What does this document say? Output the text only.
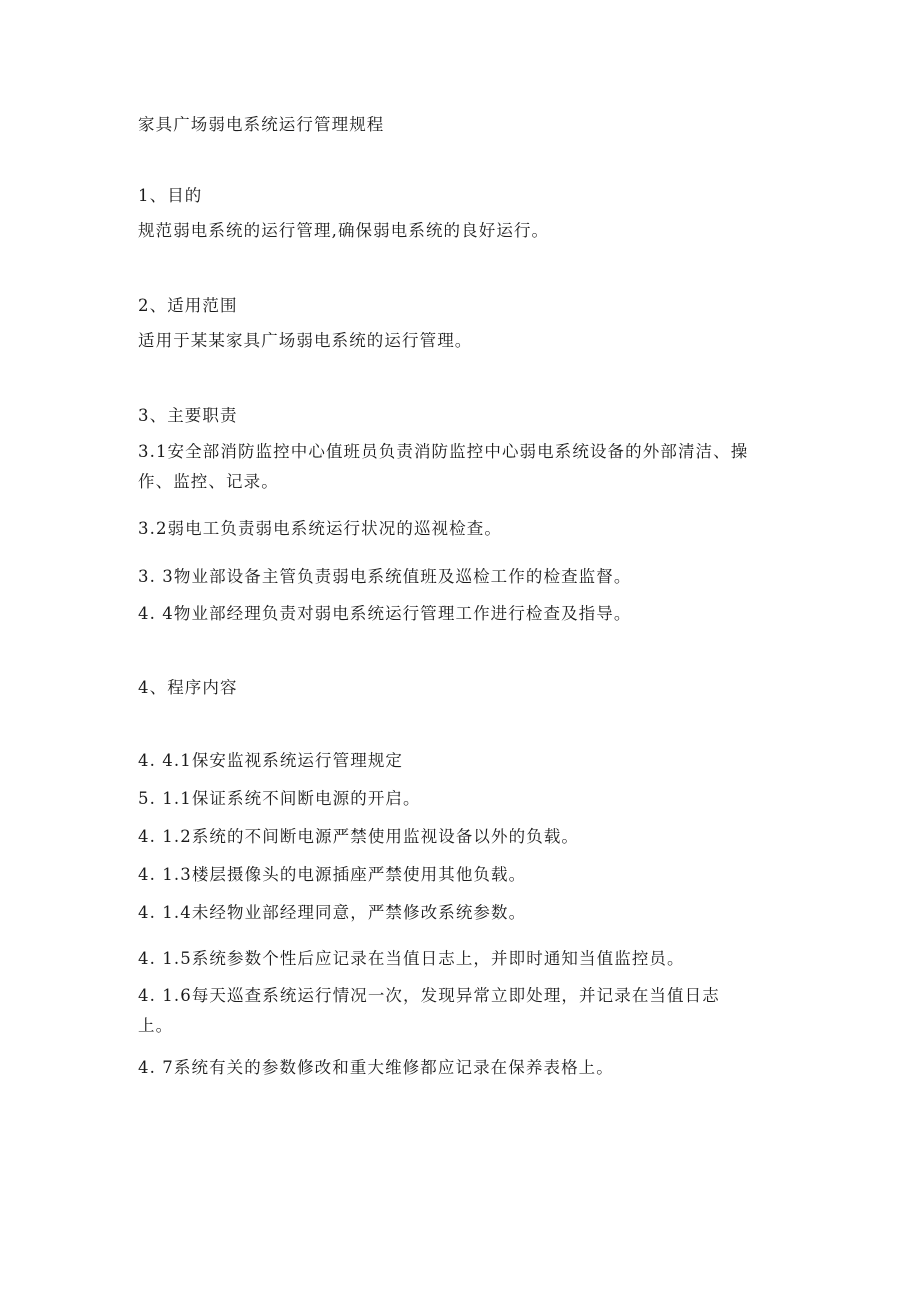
家具广场弱电系统运行管理规程
1、目的
规范弱电系统的运行管理,确保弱电系统的良好运行。
2、适用范围
适用于某某家具广场弱电系统的运行管理。
3、主要职责
3.1安全部消防监控中心值班员负责消防监控中心弱电系统设备的外部清洁、操作、监控、记录。
3.2弱电工负责弱电系统运行状况的巡视检查。
3. 3物业部设备主管负责弱电系统值班及巡检工作的检查监督。
4. 4物业部经理负责对弱电系统运行管理工作进行检查及指导。
4、程序内容
4. 4.1保安监视系统运行管理规定
5. 1.1保证系统不间断电源的开启。
4. 1.2系统的不间断电源严禁使用监视设备以外的负载。
4. 1.3楼层摄像头的电源插座严禁使用其他负载。
4. 1.4未经物业部经理同意，严禁修改系统参数。
4. 1.5系统参数个性后应记录在当值日志上，并即时通知当值监控员。
4. 1.6每天巡查系统运行情况一次，发现异常立即处理，并记录在当值日志上。
4. 7系统有关的参数修改和重大维修都应记录在保养表格上。
